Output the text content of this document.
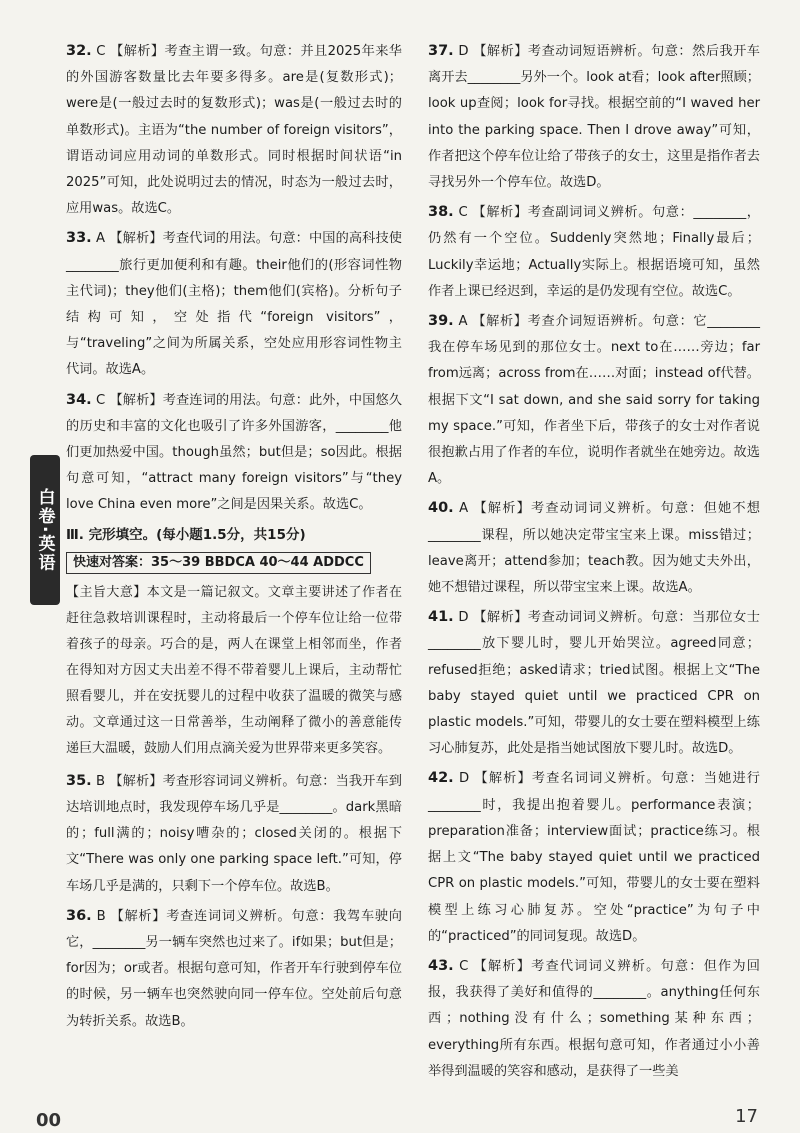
32. C 【解析】考查主谓一致。句意：并且2025年来华的外国游客数量比去年要多得多。are是(复数形式)；were是(一般过去时的复数形式)；was是(一般过去时的单数形式)。主语为“the number of foreign visitors”，谓语动词应用动词的单数形式。同时根据时间状语“in 2025”可知，此处说明过去的情况，时态为一般过去时，应用was。故选C。
33. A 【解析】考查代词的用法。句意：中国的高科技使________旅行更加便利和有趣。their他们的(形容词性物主代词)；they他们(主格)；them他们(宾格)。分析句子结构可知，空处指代“foreign visitors”，与“traveling”之间为所属关系，空处应用形容词性物主代词。故选A。
34. C 【解析】考查连词的用法。句意：此外，中国悠久的历史和丰富的文化也吸引了许多外国游客，________他们更加热爱中国。though虽然；but但是；so因此。根据句意可知，“attract many foreign visitors”与“they love China even more”之间是因果关系。故选C。
Ⅲ. 完形填空。(每小题1.5分，共15分)
快速对答案：35～39 BBDCA 40～44 ADDCC
【主旨大意】本文是一篇记叙文。文章主要讲述了作者在赶往急救培训课程时，主动将最后一个停车位让给一位带着孩子的母亲。巧合的是，两人在课堂上相邻而坐，作者在得知对方因丈夫出差不得不带着婴儿上课后，主动帮忙照看婴儿，并在安抚婴儿的过程中收获了温暖的微笑与感动。文章通过这一日常善举，生动阐释了微小的善意能传递巨大温暖，鼓励人们用点滴关爱为世界带来更多笑容。
35. B 【解析】考查形容词词义辨析。句意：当我开车到达培训地点时，我发现停车场几乎是________。dark黑暗的；full满的；noisy嘈杂的；closed关闭的。根据下文“There was only one parking space left.”可知，停车场几乎是满的，只剩下一个停车位。故选B。
36. B 【解析】考查连词词义辨析。句意：我驾车驶向它，________另一辆车突然也过来了。if如果；but但是；for因为；or或者。根据句意可知，作者开车行驶到停车位的时候，另一辆车也突然驶向同一停车位。空处前后句意为转折关系。故选B。
37. D 【解析】考查动词短语辨析。句意：然后我开车离开去________另外一个。look at看；look after照顾；look up查阅；look for寻找。根据空前的“I waved her into the parking space. Then I drove away”可知，作者把这个停车位让给了带孩子的女士，这里是指作者去寻找另外一个停车位。故选D。
38. C 【解析】考查副词词义辨析。句意：________，仍然有一个空位。Suddenly突然地；Finally最后；Luckily幸运地；Actually实际上。根据语境可知，虽然作者上课已经迟到，幸运的是仍发现有空位。故选C。
39. A 【解析】考查介词短语辨析。句意：它________我在停车场见到的那位女士。next to在……旁边；far from远离；across from在……对面；instead of代替。根据下文“I sat down, and she said sorry for taking my space.”可知，作者坐下后，带孩子的女士对作者说很抱歉占用了作者的车位，说明作者就坐在她旁边。故选A。
40. A 【解析】考查动词词义辨析。句意：但她不想________课程，所以她决定带宝宝来上课。miss错过；leave离开；attend参加；teach教。因为她丈夫外出，她不想错过课程，所以带宝宝来上课。故选A。
41. D 【解析】考查动词词义辨析。句意：当那位女士________放下婴儿时，婴儿开始哭泣。agreed同意；refused拒绝；asked请求；tried试图。根据上文“The baby stayed quiet until we practiced CPR on plastic models.”可知，带婴儿的女士要在塑料模型上练习心肺复苏，此处是指当她试图放下婴儿时。故选D。
42. D 【解析】考查名词词义辨析。句意：当她进行________时，我提出抱着婴儿。performance表演；preparation准备；interview面试；practice练习。根据上文“The baby stayed quiet until we practiced CPR on plastic models.”可知，带婴儿的女士要在塑料模型上练习心肺复苏。空处“practice”为句子中的“practiced”的同词复现。故选D。
43. C 【解析】考查代词词义辨析。句意：但作为回报，我获得了美好和值得的________。anything任何东西；nothing没有什么；something某种东西；everything所有东西。根据句意可知，作者通过小小善举得到温暖的笑容和感动，是获得了一些美
白卷·英语
00	17
